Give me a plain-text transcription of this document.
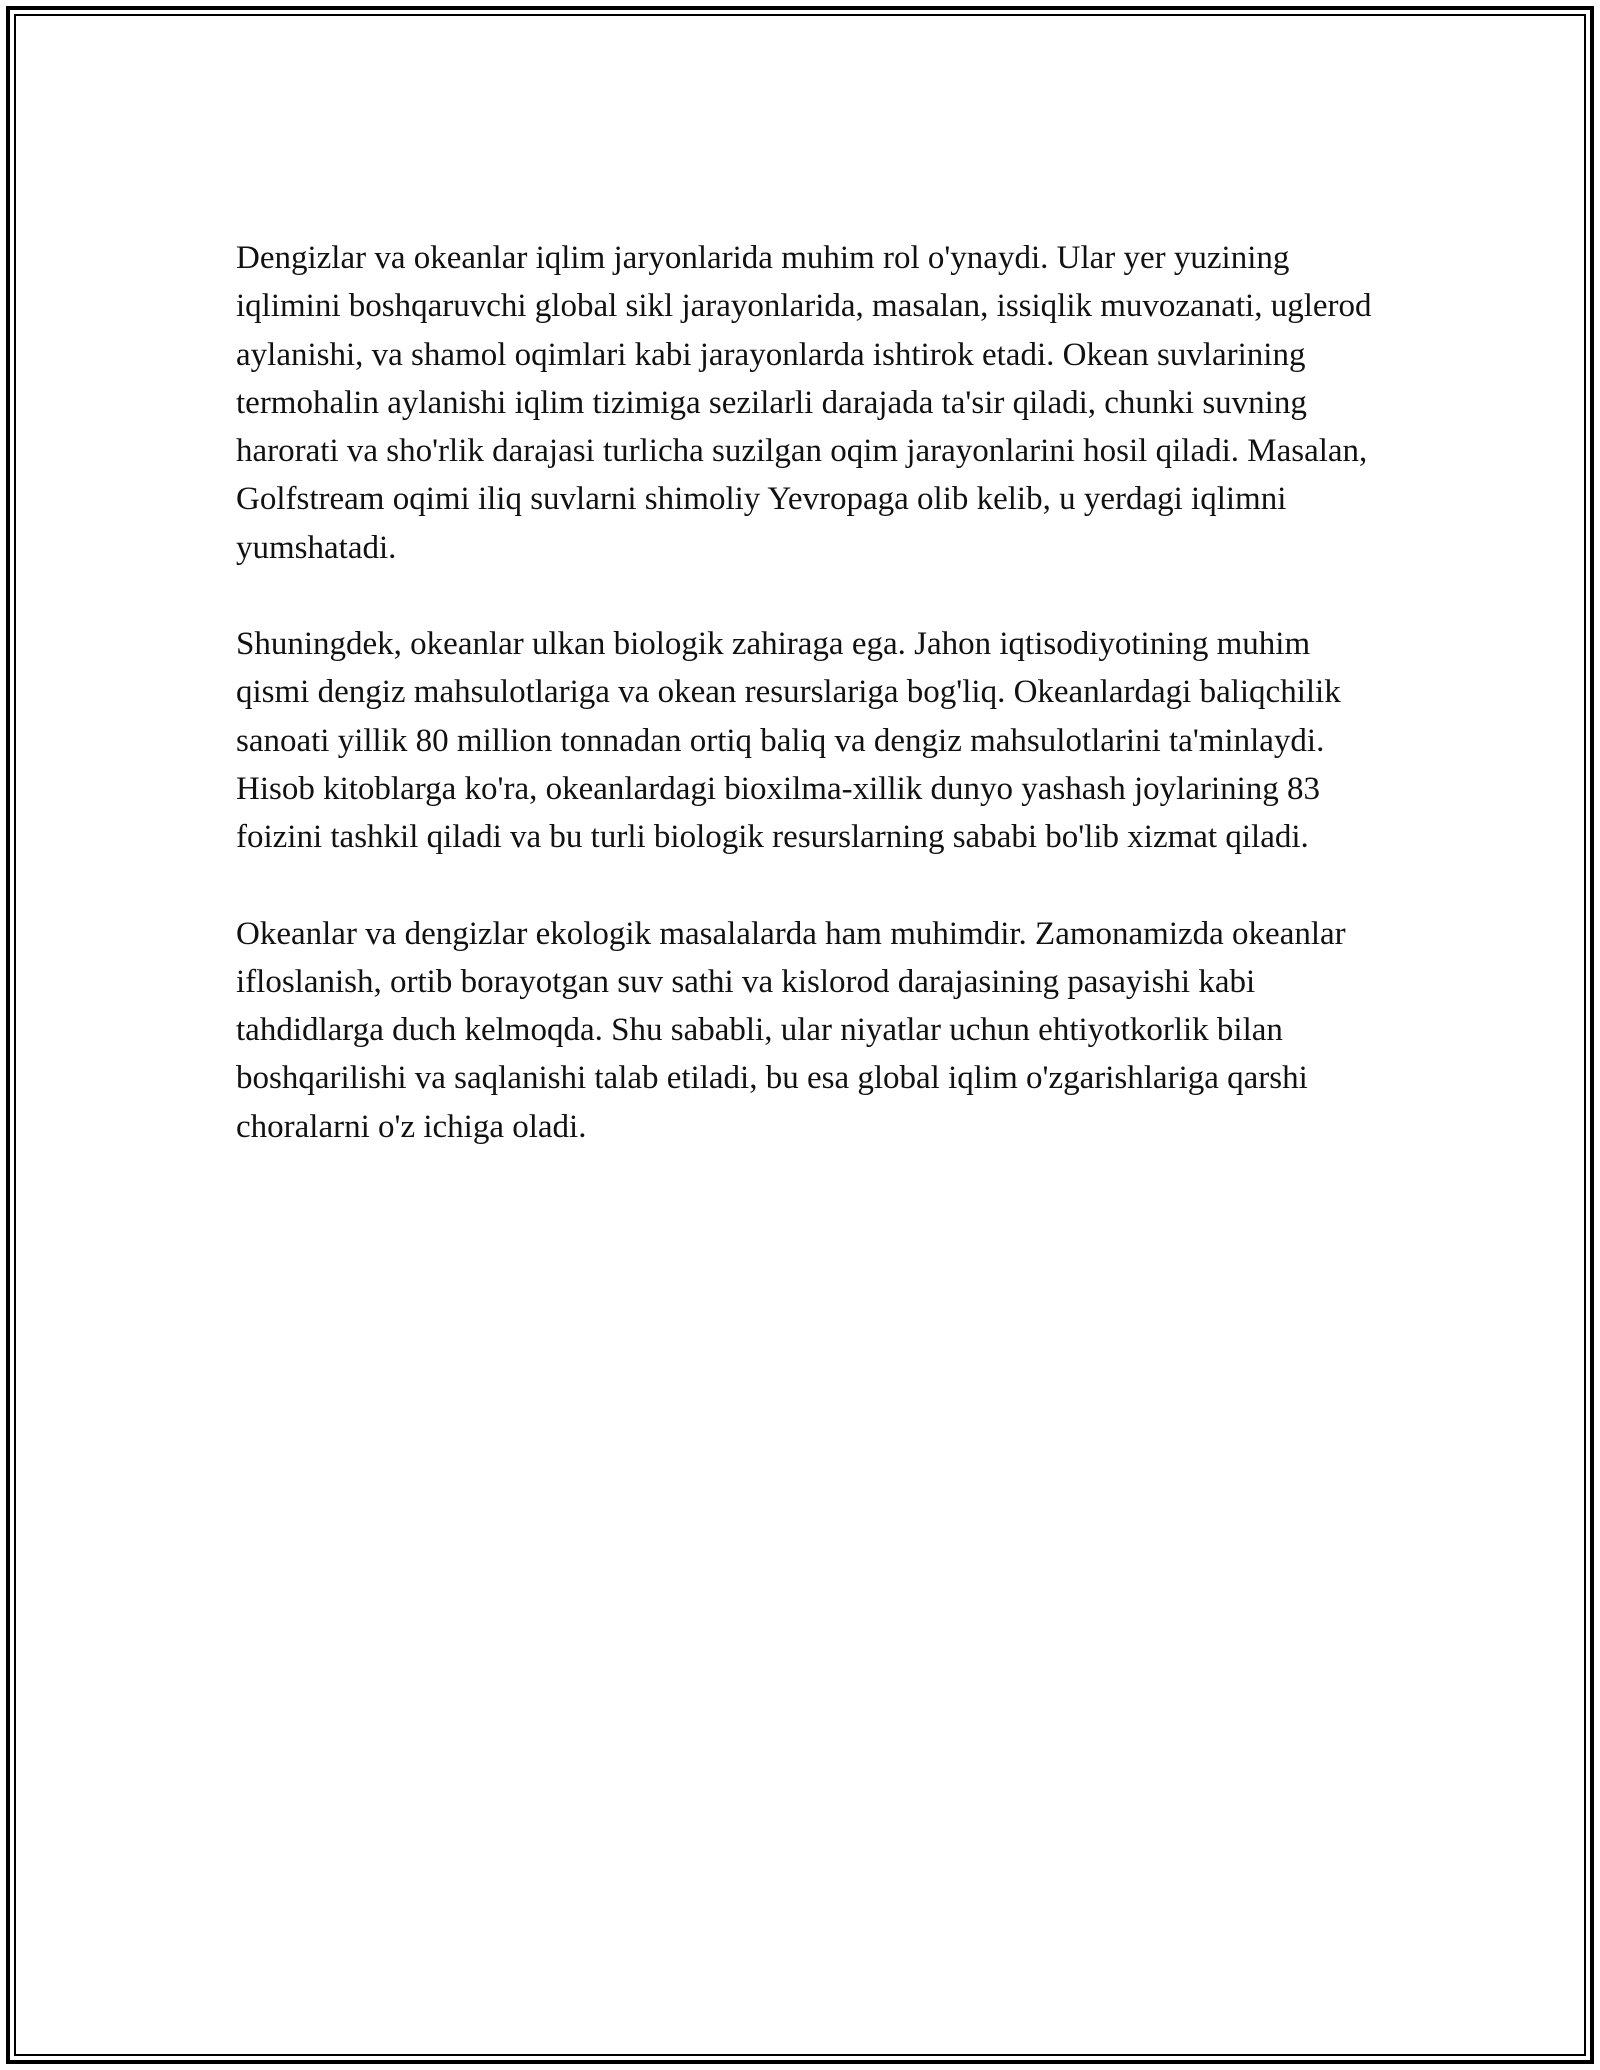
Dengizlar va okeanlar iqlim jaryonlarida muhim rol o'ynaydi. Ular yer yuzining iqlimini boshqaruvchi global sikl jarayonlarida, masalan, issiqlik muvozanati, uglerod aylanishi, va shamol oqimlari kabi jarayonlarda ishtirok etadi. Okean suvlarining termohalin aylanishi iqlim tizimiga sezilarli darajada ta'sir qiladi, chunki suvning harorati va sho'rlik darajasi turlicha suzilgan oqim jarayonlarini hosil qiladi. Masalan, Golfstream oqimi iliq suvlarni shimoliy Yevropaga olib kelib, u yerdagi iqlimni yumshatadi.

Shuningdek, okeanlar ulkan biologik zahiraga ega. Jahon iqtisodiyotining muhim qismi dengiz mahsulotlariga va okean resurslariga bog'liq. Okeanlardagi baliqchilik sanoati yillik 80 million tonnadan ortiq baliq va dengiz mahsulotlarini ta'minlaydi. Hisob kitoblarga ko'ra, okeanlardagi bioxilma-xillik dunyo yashash joylarining 83 foizini tashkil qiladi va bu turli biologik resurslarning sababi bo'lib xizmat qiladi.

Okeanlar va dengizlar ekologik masalalarda ham muhimdir. Zamonamizda okeanlar ifloslanish, ortib borayotgan suv sathi va kislorod darajasining pasayishi kabi tahdidlarga duch kelmoqda. Shu sababli, ular niyatlar uchun ehtiyotkorlik bilan boshqarilishi va saqlanishi talab etiladi, bu esa global iqlim o'zgarishlariga qarshi choralarni o'z ichiga oladi.
